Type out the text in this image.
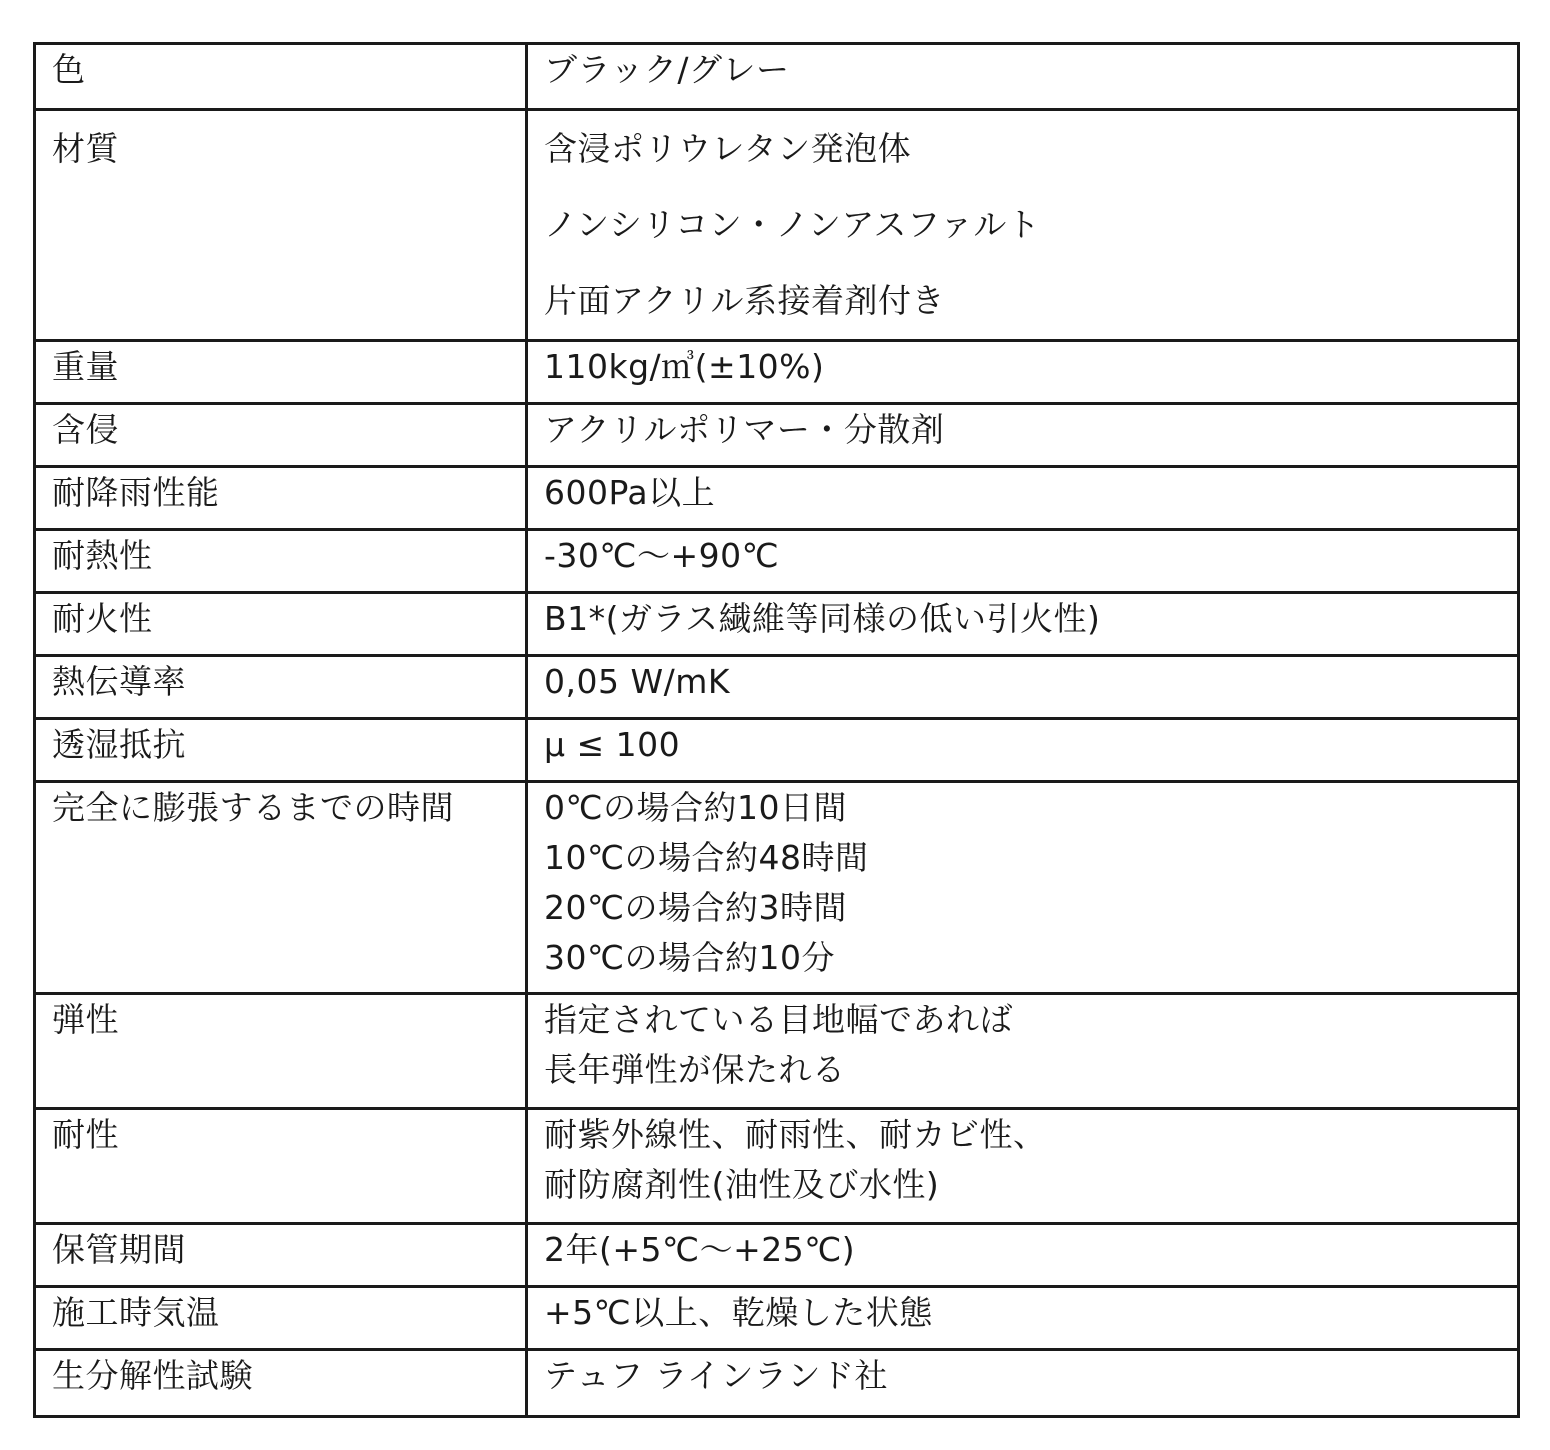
色	ブラック/グレー

材質	含浸ポリウレタン発泡体
ノンシリコン・ノンアスファルト
片面アクリル系接着剤付き

重量	110kg/㎥(±10%)

含侵	アクリルポリマー・分散剤

耐降雨性能	600Pa以上

耐熱性	-30℃〜+90℃

耐火性	B1*(ガラス繊維等同様の低い引火性)

熱伝導率	0,05 W/mK

透湿抵抗	μ ≤ 100

完全に膨張するまでの時間	0℃の場合約10日間
10℃の場合約48時間
20℃の場合約3時間
30℃の場合約10分

弾性	指定されている目地幅であれば
長年弾性が保たれる

耐性	耐紫外線性、耐雨性、耐カビ性、
耐防腐剤性(油性及び水性)

保管期間	2年(+5℃〜+25℃)

施工時気温	+5℃以上、乾燥した状態

生分解性試験	テュフ ラインランド社
